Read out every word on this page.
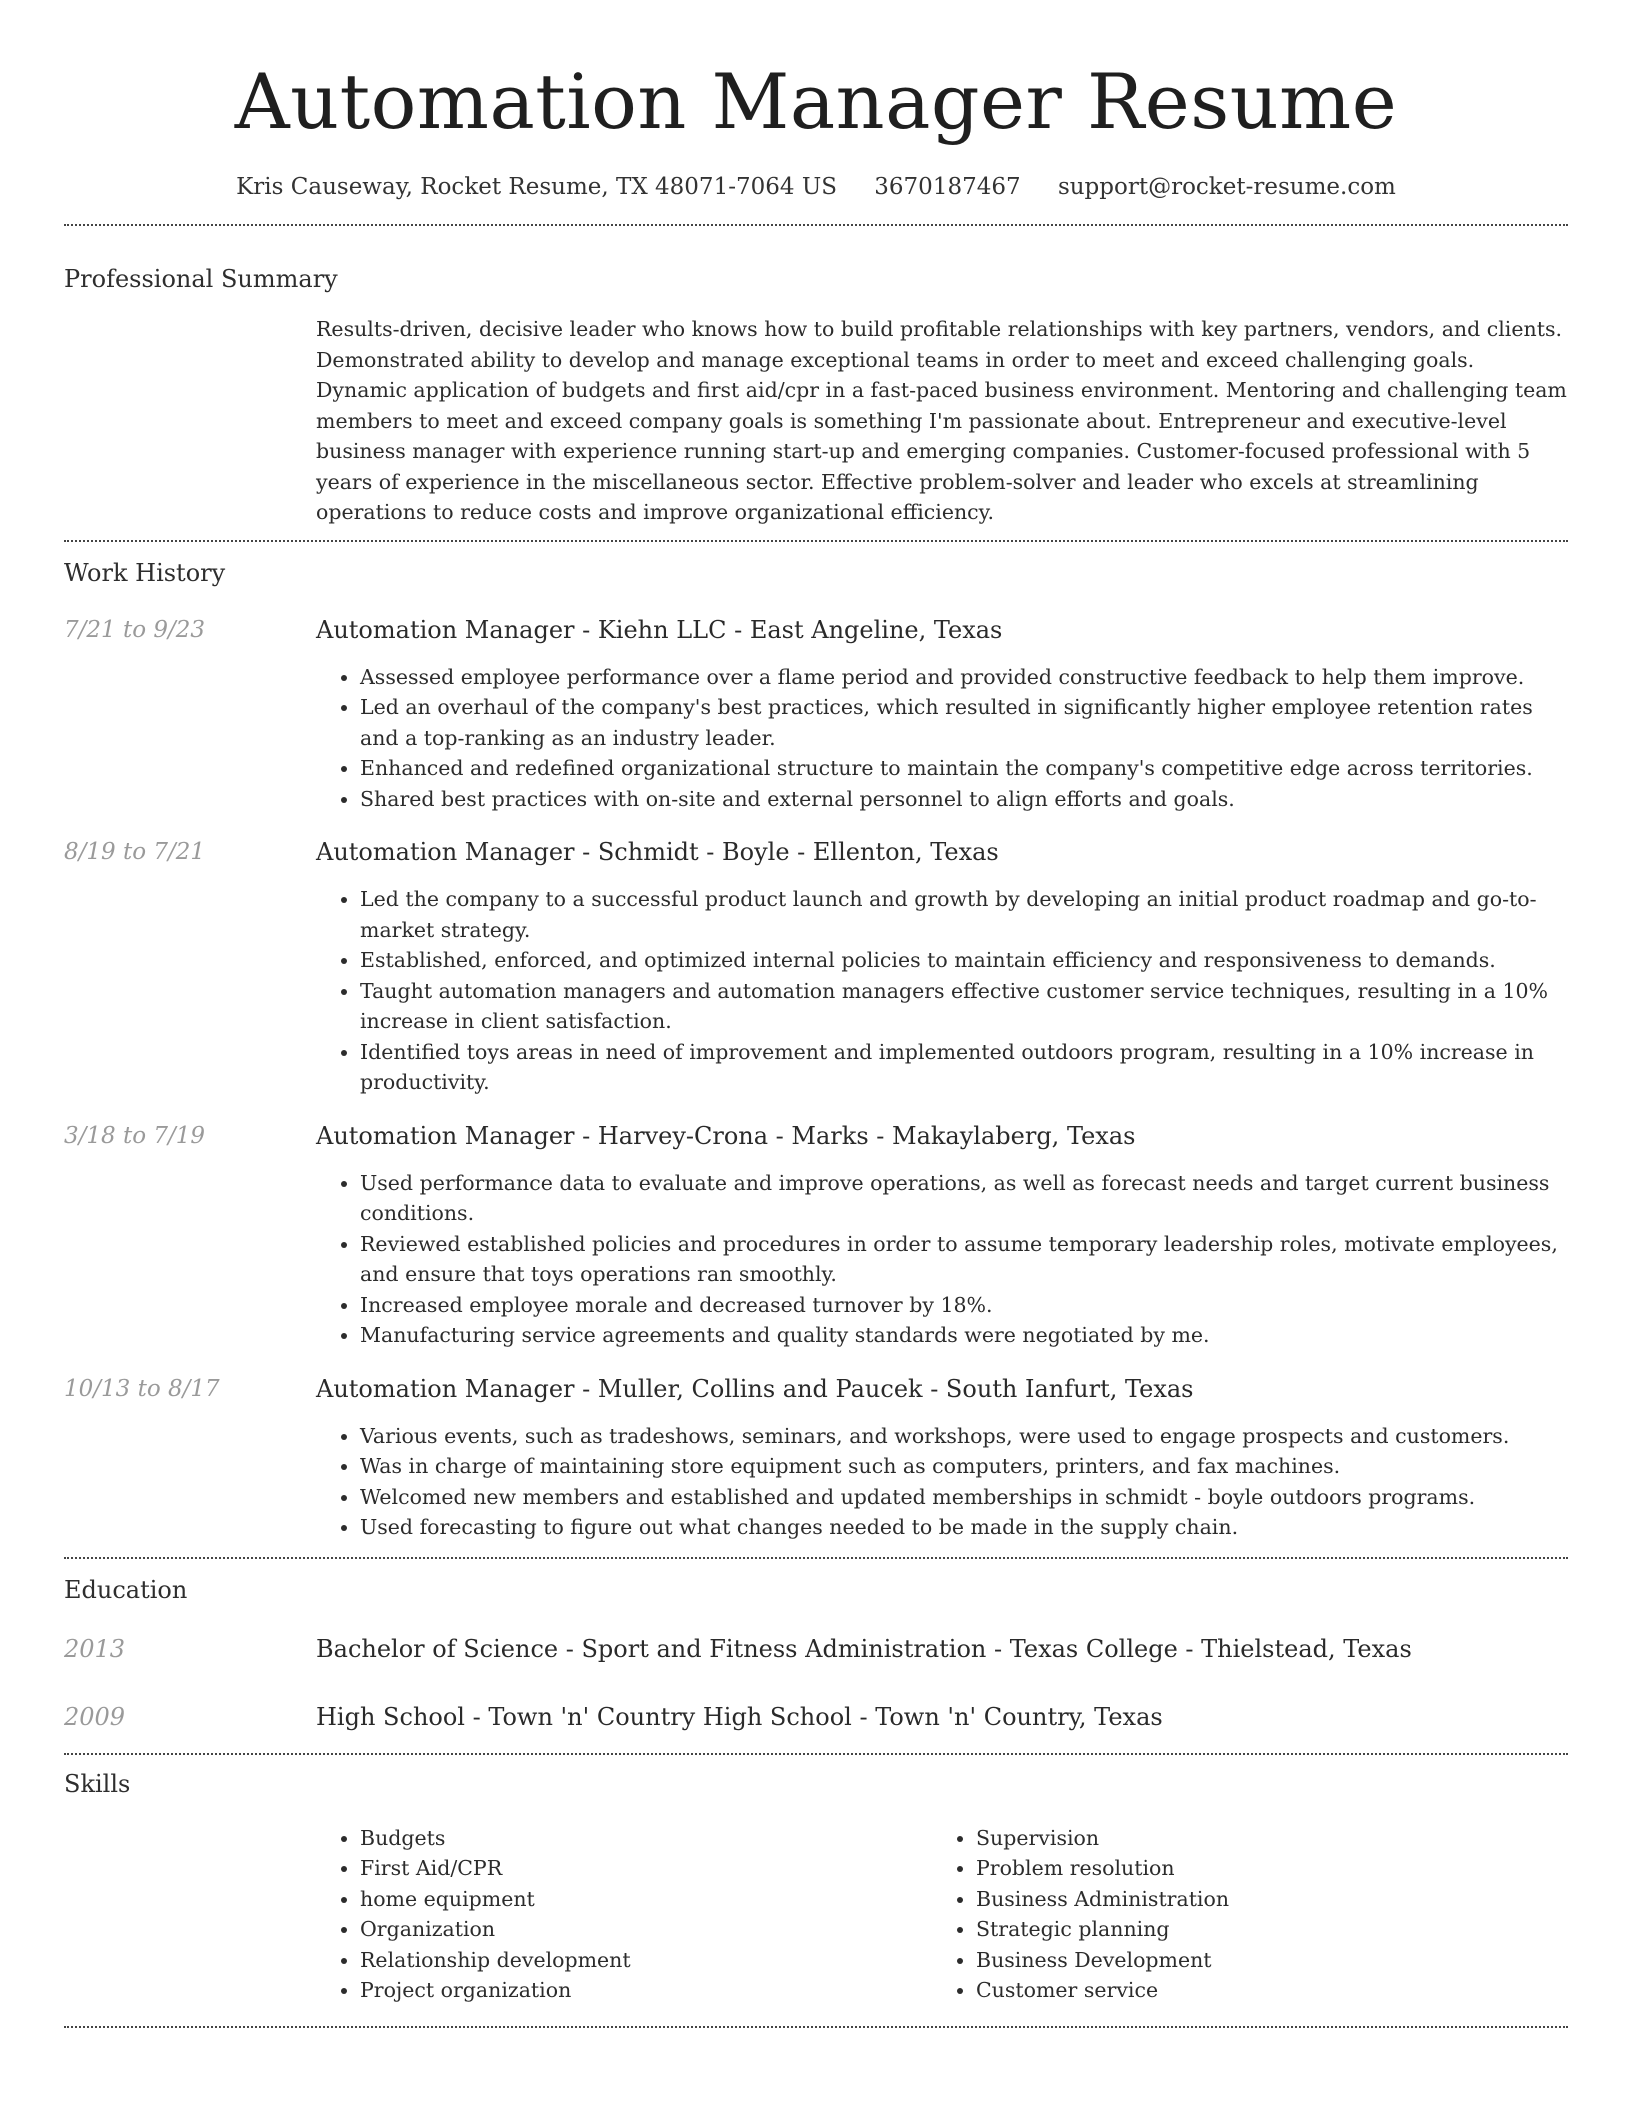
Automation Manager Resume
Kris Causeway, Rocket Resume, TX 48071-7064 US 3670187467 support@rocket-resume.com
Professional Summary

Results-driven, decisive leader who knows how to build profitable relationships with key partners, vendors, and clients. Demonstrated ability to develop and manage exceptional teams in order to meet and exceed challenging goals. Dynamic application of budgets and first aid/cpr in a fast-paced business environment. Mentoring and challenging team members to meet and exceed company goals is something I'm passionate about. Entrepreneur and executive-level business manager with experience running start-up and emerging companies. Customer-focused professional with 5 years of experience in the miscellaneous sector. Effective problem-solver and leader who excels at streamlining operations to reduce costs and improve organizational efficiency.

Work History
7/21 to 9/23	Automation Manager - Kiehn LLC - East Angeline, Texas
• Assessed employee performance over a flame period and provided constructive feedback to help them improve.
• Led an overhaul of the company's best practices, which resulted in significantly higher employee retention rates and a top-ranking as an industry leader.
• Enhanced and redefined organizational structure to maintain the company's competitive edge across territories.
• Shared best practices with on-site and external personnel to align efforts and goals.
8/19 to 7/21	Automation Manager - Schmidt - Boyle - Ellenton, Texas
• Led the company to a successful product launch and growth by developing an initial product roadmap and go-to-market strategy.
• Established, enforced, and optimized internal policies to maintain efficiency and responsiveness to demands.
• Taught automation managers and automation managers effective customer service techniques, resulting in a 10% increase in client satisfaction.
• Identified toys areas in need of improvement and implemented outdoors program, resulting in a 10% increase in productivity.
3/18 to 7/19	Automation Manager - Harvey-Crona - Marks - Makaylaberg, Texas
• Used performance data to evaluate and improve operations, as well as forecast needs and target current business conditions.
• Reviewed established policies and procedures in order to assume temporary leadership roles, motivate employees, and ensure that toys operations ran smoothly.
• Increased employee morale and decreased turnover by 18%.
• Manufacturing service agreements and quality standards were negotiated by me.
10/13 to 8/17	Automation Manager - Muller, Collins and Paucek - South Ianfurt, Texas
• Various events, such as tradeshows, seminars, and workshops, were used to engage prospects and customers.
• Was in charge of maintaining store equipment such as computers, printers, and fax machines.
• Welcomed new members and established and updated memberships in schmidt - boyle outdoors programs.
• Used forecasting to figure out what changes needed to be made in the supply chain.
Education
2013	Bachelor of Science - Sport and Fitness Administration - Texas College - Thielstead, Texas
2009	High School - Town 'n' Country High School - Town 'n' Country, Texas
Skills
• Budgets
• First Aid/CPR
• home equipment
• Organization
• Relationship development
• Project organization
• Supervision
• Problem resolution
• Business Administration
• Strategic planning
• Business Development
• Customer service
